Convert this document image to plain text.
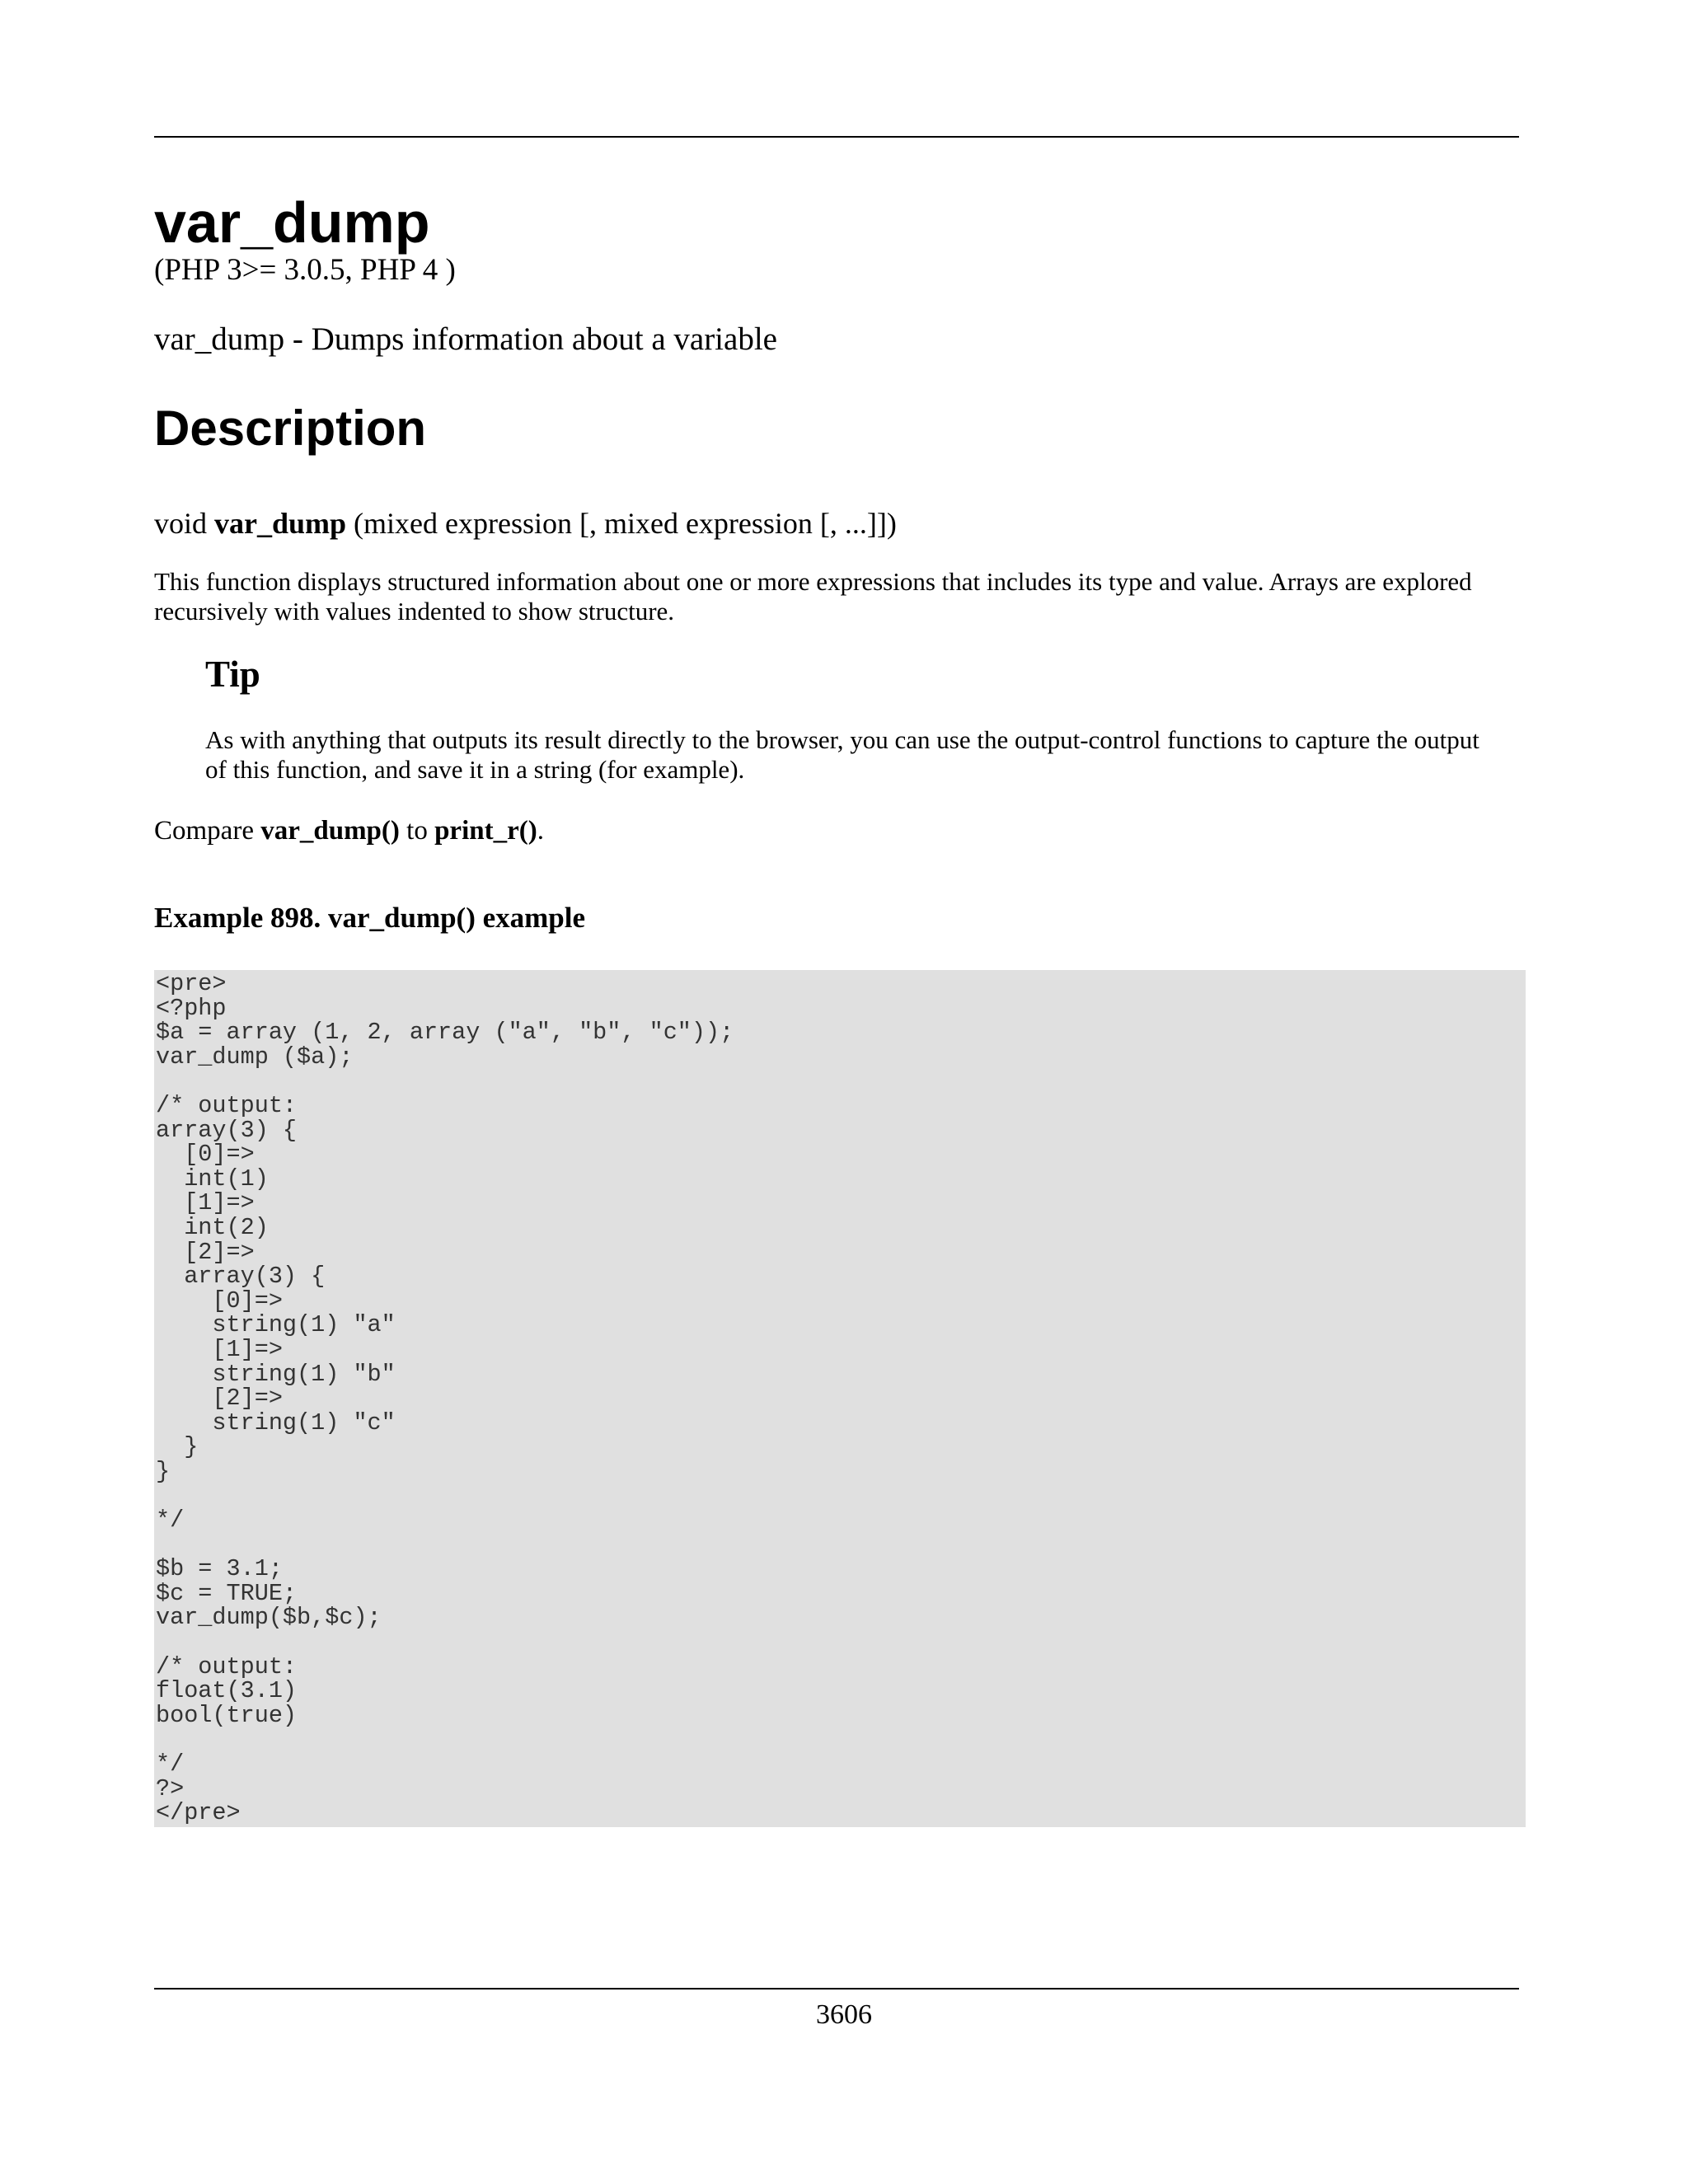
var_dump
(PHP 3>= 3.0.5, PHP 4 )
var_dump - Dumps information about a variable
Description
void var_dump (mixed expression [, mixed expression [, ...]])
This function displays structured information about one or more expressions that includes its type and value. Arrays are explored recursively with values indented to show structure.
Tip
As with anything that outputs its result directly to the browser, you can use the output-control functions to capture the output of this function, and save it in a string (for example).
Compare var_dump() to print_r().
Example 898. var_dump() example
<pre>
<?php
$a = array (1, 2, array ("a", "b", "c"));
var_dump ($a);

/* output:
array(3) {
[0]=>
int(1)
[1]=>
int(2)
[2]=>
array(3) {
[0]=>
string(1) "a"
[1]=>
string(1) "b"
[2]=>
string(1) "c"
}
}

*/

$b = 3.1;
$c = TRUE;
var_dump($b,$c);

/* output:
float(3.1)
bool(true)

*/
?>
</pre>
3606
